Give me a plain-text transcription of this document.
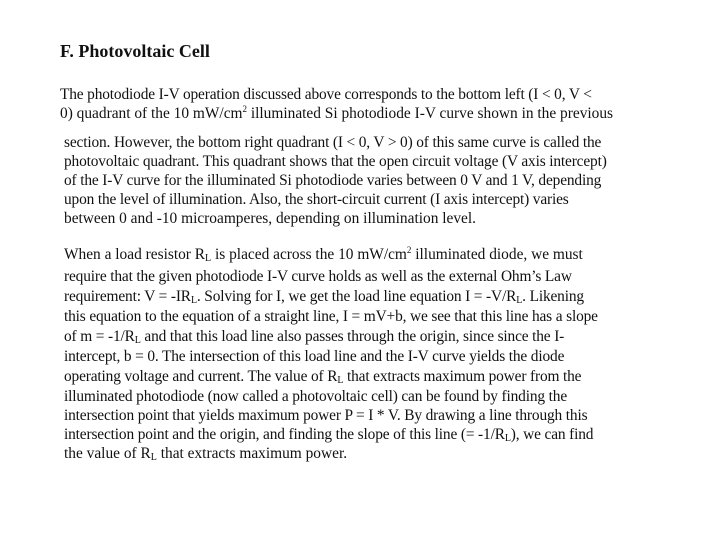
F. Photovoltaic Cell
The photodiode I-V operation discussed above corresponds to the bottom left (I < 0, V <
0) quadrant of the 10 $mW/cm^2$ illuminated Si photodiode I-V curve shown in the previous
section. However, the bottom right quadrant (I < 0, V > 0) of this same curve is called the
photovoltaic quadrant. This quadrant shows that the open circuit voltage (V axis intercept)
of the I-V curve for the illuminated Si photodiode varies between 0 V and 1 V, depending
upon the level of illumination. Also, the short-circuit current (I axis intercept) varies
between 0 and -10 microamperes, depending on illumination level.
When a load resistor $R_L$ is placed across the 10 $mW/cm^2$ illuminated diode, we must
require that the given photodiode I-V curve holds as well as the external Ohm’s Law
requirement: $V = -IR_L$. Solving for I, we get the load line equation $I = -V/R_L$. Likening
this equation to the equation of a straight line, I = mV+b, we see that this line has a slope
of $m = -1/R_L$ and that this load line also passes through the origin, since since the I-
intercept, b = 0. The intersection of this load line and the I-V curve yields the diode
operating voltage and current. The value of $R_L$ that extracts maximum power from the
illuminated photodiode (now called a photovoltaic cell) can be found by finding the
intersection point that yields maximum power P = I * V. By drawing a line through this
intersection point and the origin, and finding the slope of this line (= $-1/R_L$), we can find
the value of $R_L$ that extracts maximum power.
